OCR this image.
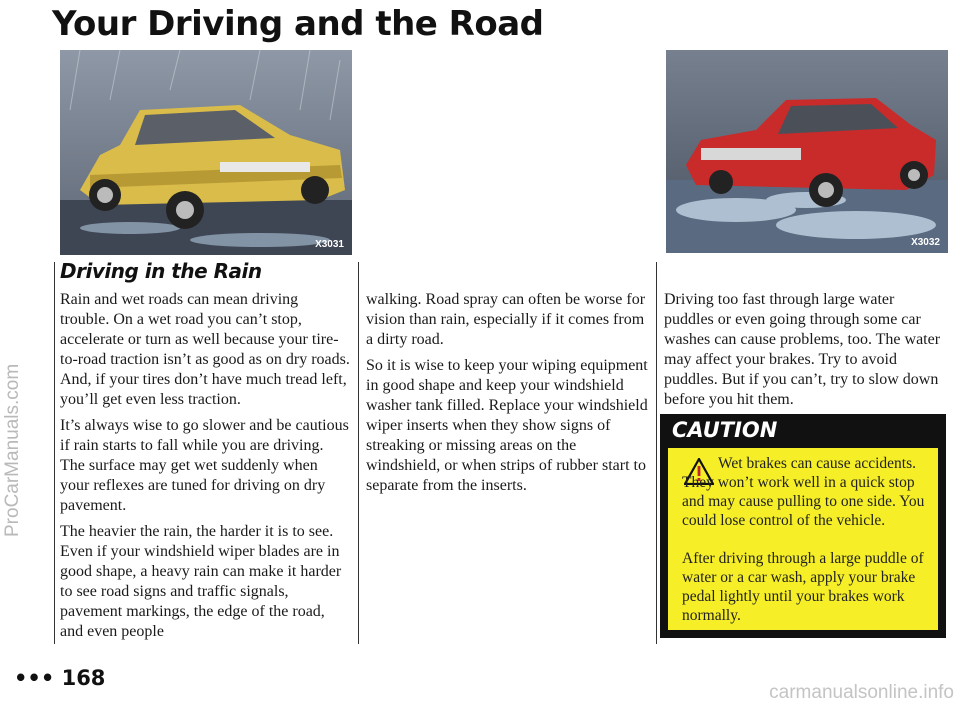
ProCarManuals.com
Your Driving and the Road
X3031	X3032
Driving in the Rain

Rain and wet roads can mean driving trouble. On a wet road you can’t stop, accelerate or turn as well because your tire-to-road traction isn’t as good as on dry roads. And, if your tires don’t have much tread left, you’ll get even less traction.

It’s always wise to go slower and be cautious if rain starts to fall while you are driving. The surface may get wet suddenly when your reflexes are tuned for driving on dry pavement.

The heavier the rain, the harder it is to see. Even if your windshield wiper blades are in good shape, a heavy rain can make it harder to see road signs and traffic signals, pavement markings, the edge of the road, and even people

walking. Road spray can often be worse for vision than rain, especially if it comes from a dirty road.

So it is wise to keep your wiping equipment in good shape and keep your windshield washer tank filled. Replace your windshield wiper inserts when they show signs of streaking or missing areas on the windshield, or when strips of rubber start to separate from the inserts.

Driving too fast through large water puddles or even going through some car washes can cause problems, too. The water may affect your brakes. Try to avoid puddles. But if you can’t, try to slow down before you hit them.

CAUTION

Wet brakes can cause accidents. They won’t work well in a quick stop and may cause pulling to one side. You could lose control of the vehicle.

After driving through a large puddle of water or a car wash, apply your brake pedal lightly until your brakes work normally.

••• 168

carmanualsonline.info
